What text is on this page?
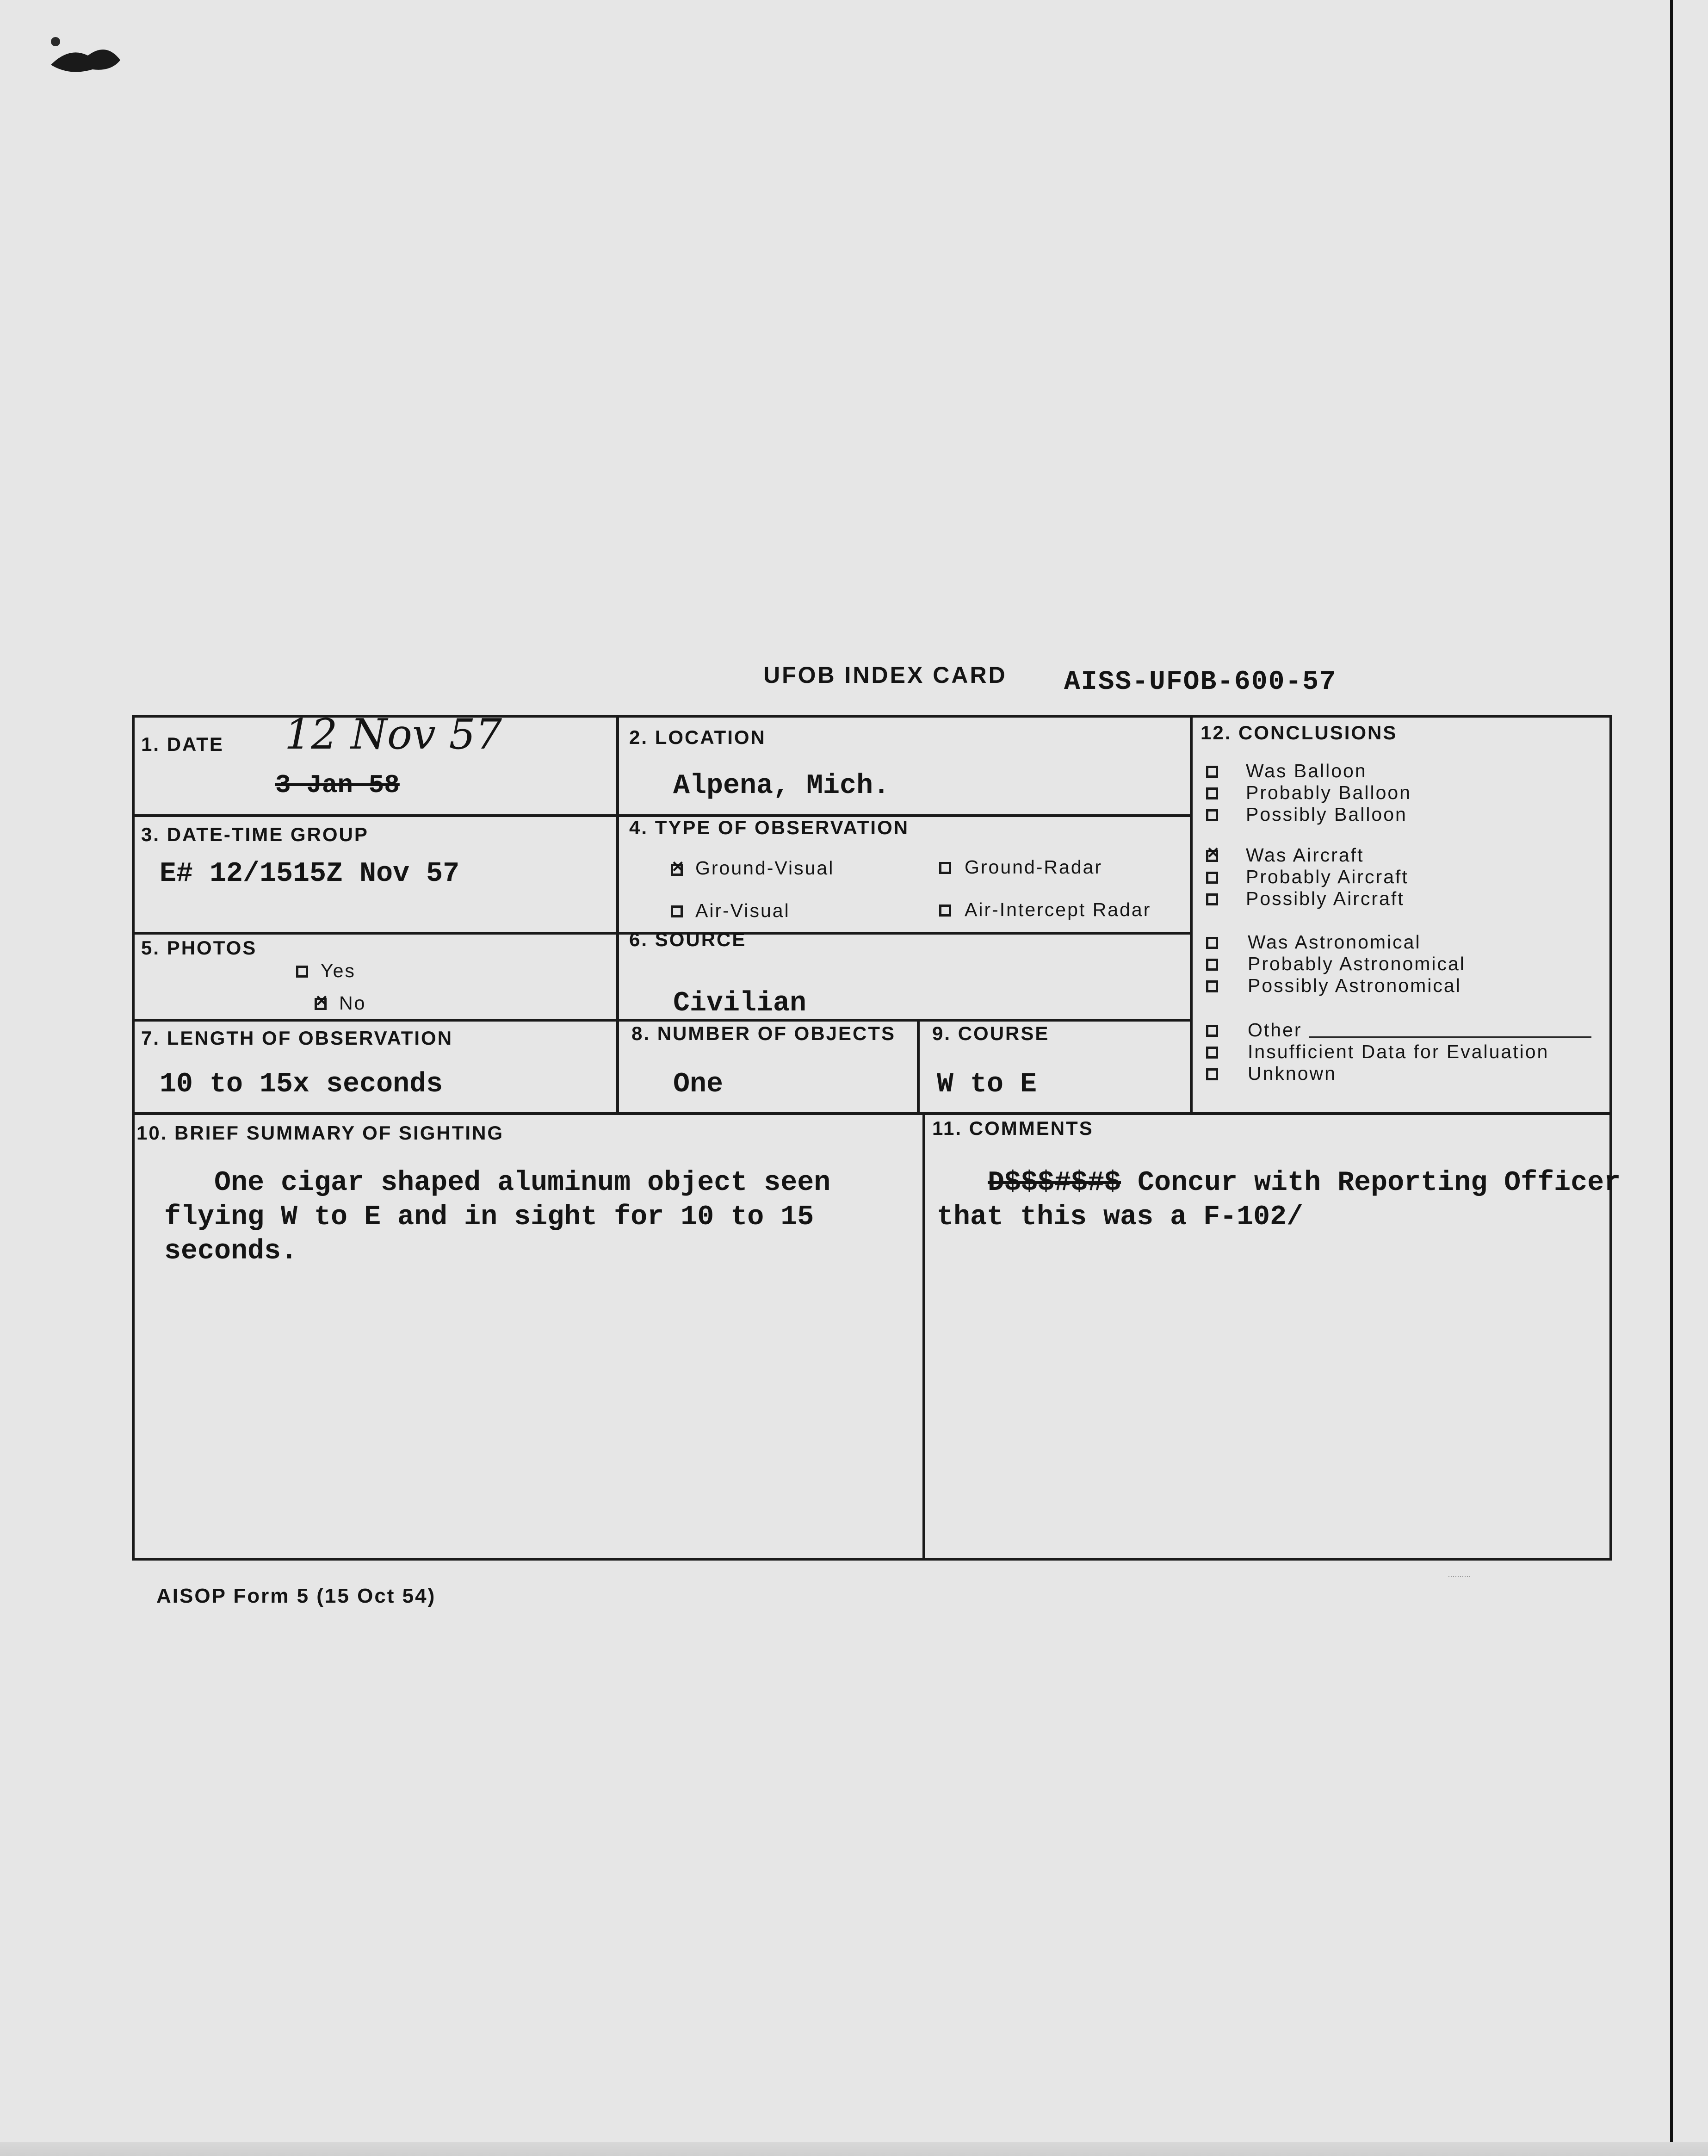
UFOB INDEX CARD AISS-UFOB-600-57
1. DATE 12 Nov 57
3 Jan 58
2. LOCATION
Alpena, Mich.
3. DATE-TIME GROUP
E# 12/1515Z Nov 57
4. TYPE OF OBSERVATION
✕
Ground-Visual	Ground-Radar
Air-Visual	Air-Intercept Radar
5. PHOTOS
Yes
✕
No
6. SOURCE
Civilian
7. LENGTH OF OBSERVATION
10 to 15x seconds
8. NUMBER OF OBJECTS
One
9. COURSE
W to E
12. CONCLUSIONS
Was Balloon
Probably Balloon
Possibly Balloon
✕
Was Aircraft
Probably Aircraft
Possibly Aircraft
Was Astronomical
Probably Astronomical
Possibly Astronomical
Other
Insufficient Data for Evaluation
Unknown
10. BRIEF SUMMARY OF SIGHTING
One cigar shaped aluminum object seen
flying W to E and in sight for 10 to 15
seconds.
11. COMMENTS
D$$$#$#$ Concur with Reporting Officer
that this was a F-102/
AISOP Form 5 (15 Oct 54)
··········
